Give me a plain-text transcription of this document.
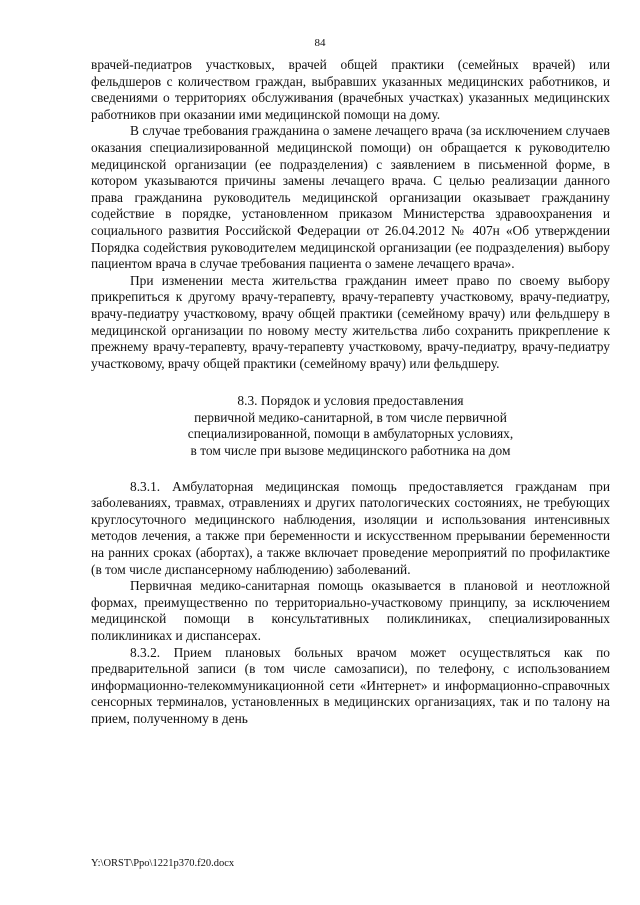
84

врачей-педиатров участковых, врачей общей практики (семейных врачей) или фельдшеров с количеством граждан, выбравших указанных медицинских работников, и сведениями о территориях обслуживания (врачебных участках) указанных медицинских работников при оказании ими медицинской помощи на дому.

В случае требования гражданина о замене лечащего врача (за исключением случаев оказания специализированной медицинской помощи) он обращается к руководителю медицинской организации (ее подразделения) с заявлением в письменной форме, в котором указываются причины замены лечащего врача. С целью реализации данного права гражданина руководитель медицинской организации оказывает гражданину содействие в порядке, установленном приказом Министерства здравоохранения и социального развития Российской Федерации от 26.04.2012 № 407н «Об утверждении Порядка содействия руководителем медицинской организации (ее подразделения) выбору пациентом врача в случае требования пациента о замене лечащего врача».

При изменении места жительства гражданин имеет право по своему выбору прикрепиться к другому врачу-терапевту, врачу-терапевту участковому, врачу-педиатру, врачу-педиатру участковому, врачу общей практики (семейному врачу) или фельдшеру в медицинской организации по новому месту жительства либо сохранить прикрепление к прежнему врачу-терапевту, врачу-терапевту участковому, врачу-педиатру, врачу-педиатру участковому, врачу общей практики (семейному врачу) или фельдшеру.

8.3. Порядок и условия предоставления
первичной медико-санитарной, в том числе первичной
специализированной, помощи в амбулаторных условиях,
в том числе при вызове медицинского работника на дом

8.3.1. Амбулаторная медицинская помощь предоставляется гражданам при заболеваниях, травмах, отравлениях и других патологических состояниях, не требующих круглосуточного медицинского наблюдения, изоляции и использования интенсивных методов лечения, а также при беременности и искусственном прерывании беременности на ранних сроках (абортах), а также включает проведение мероприятий по профилактике (в том числе диспансерному наблюдению) заболеваний.

Первичная медико-санитарная помощь оказывается в плановой и неотложной формах, преимущественно по территориально-участковому принципу, за исключением медицинской помощи в консультативных поликлиниках, специализированных поликлиниках и диспансерах.

8.3.2. Прием плановых больных врачом может осуществляться как по предварительной записи (в том числе самозаписи), по телефону, с использованием информационно-телекоммуникационной сети «Интернет» и информационно-справочных сенсорных терминалов, установленных в медицинских организациях, так и по талону на прием, полученному в день

Y:\ORST\Ppo\1221p370.f20.docx
